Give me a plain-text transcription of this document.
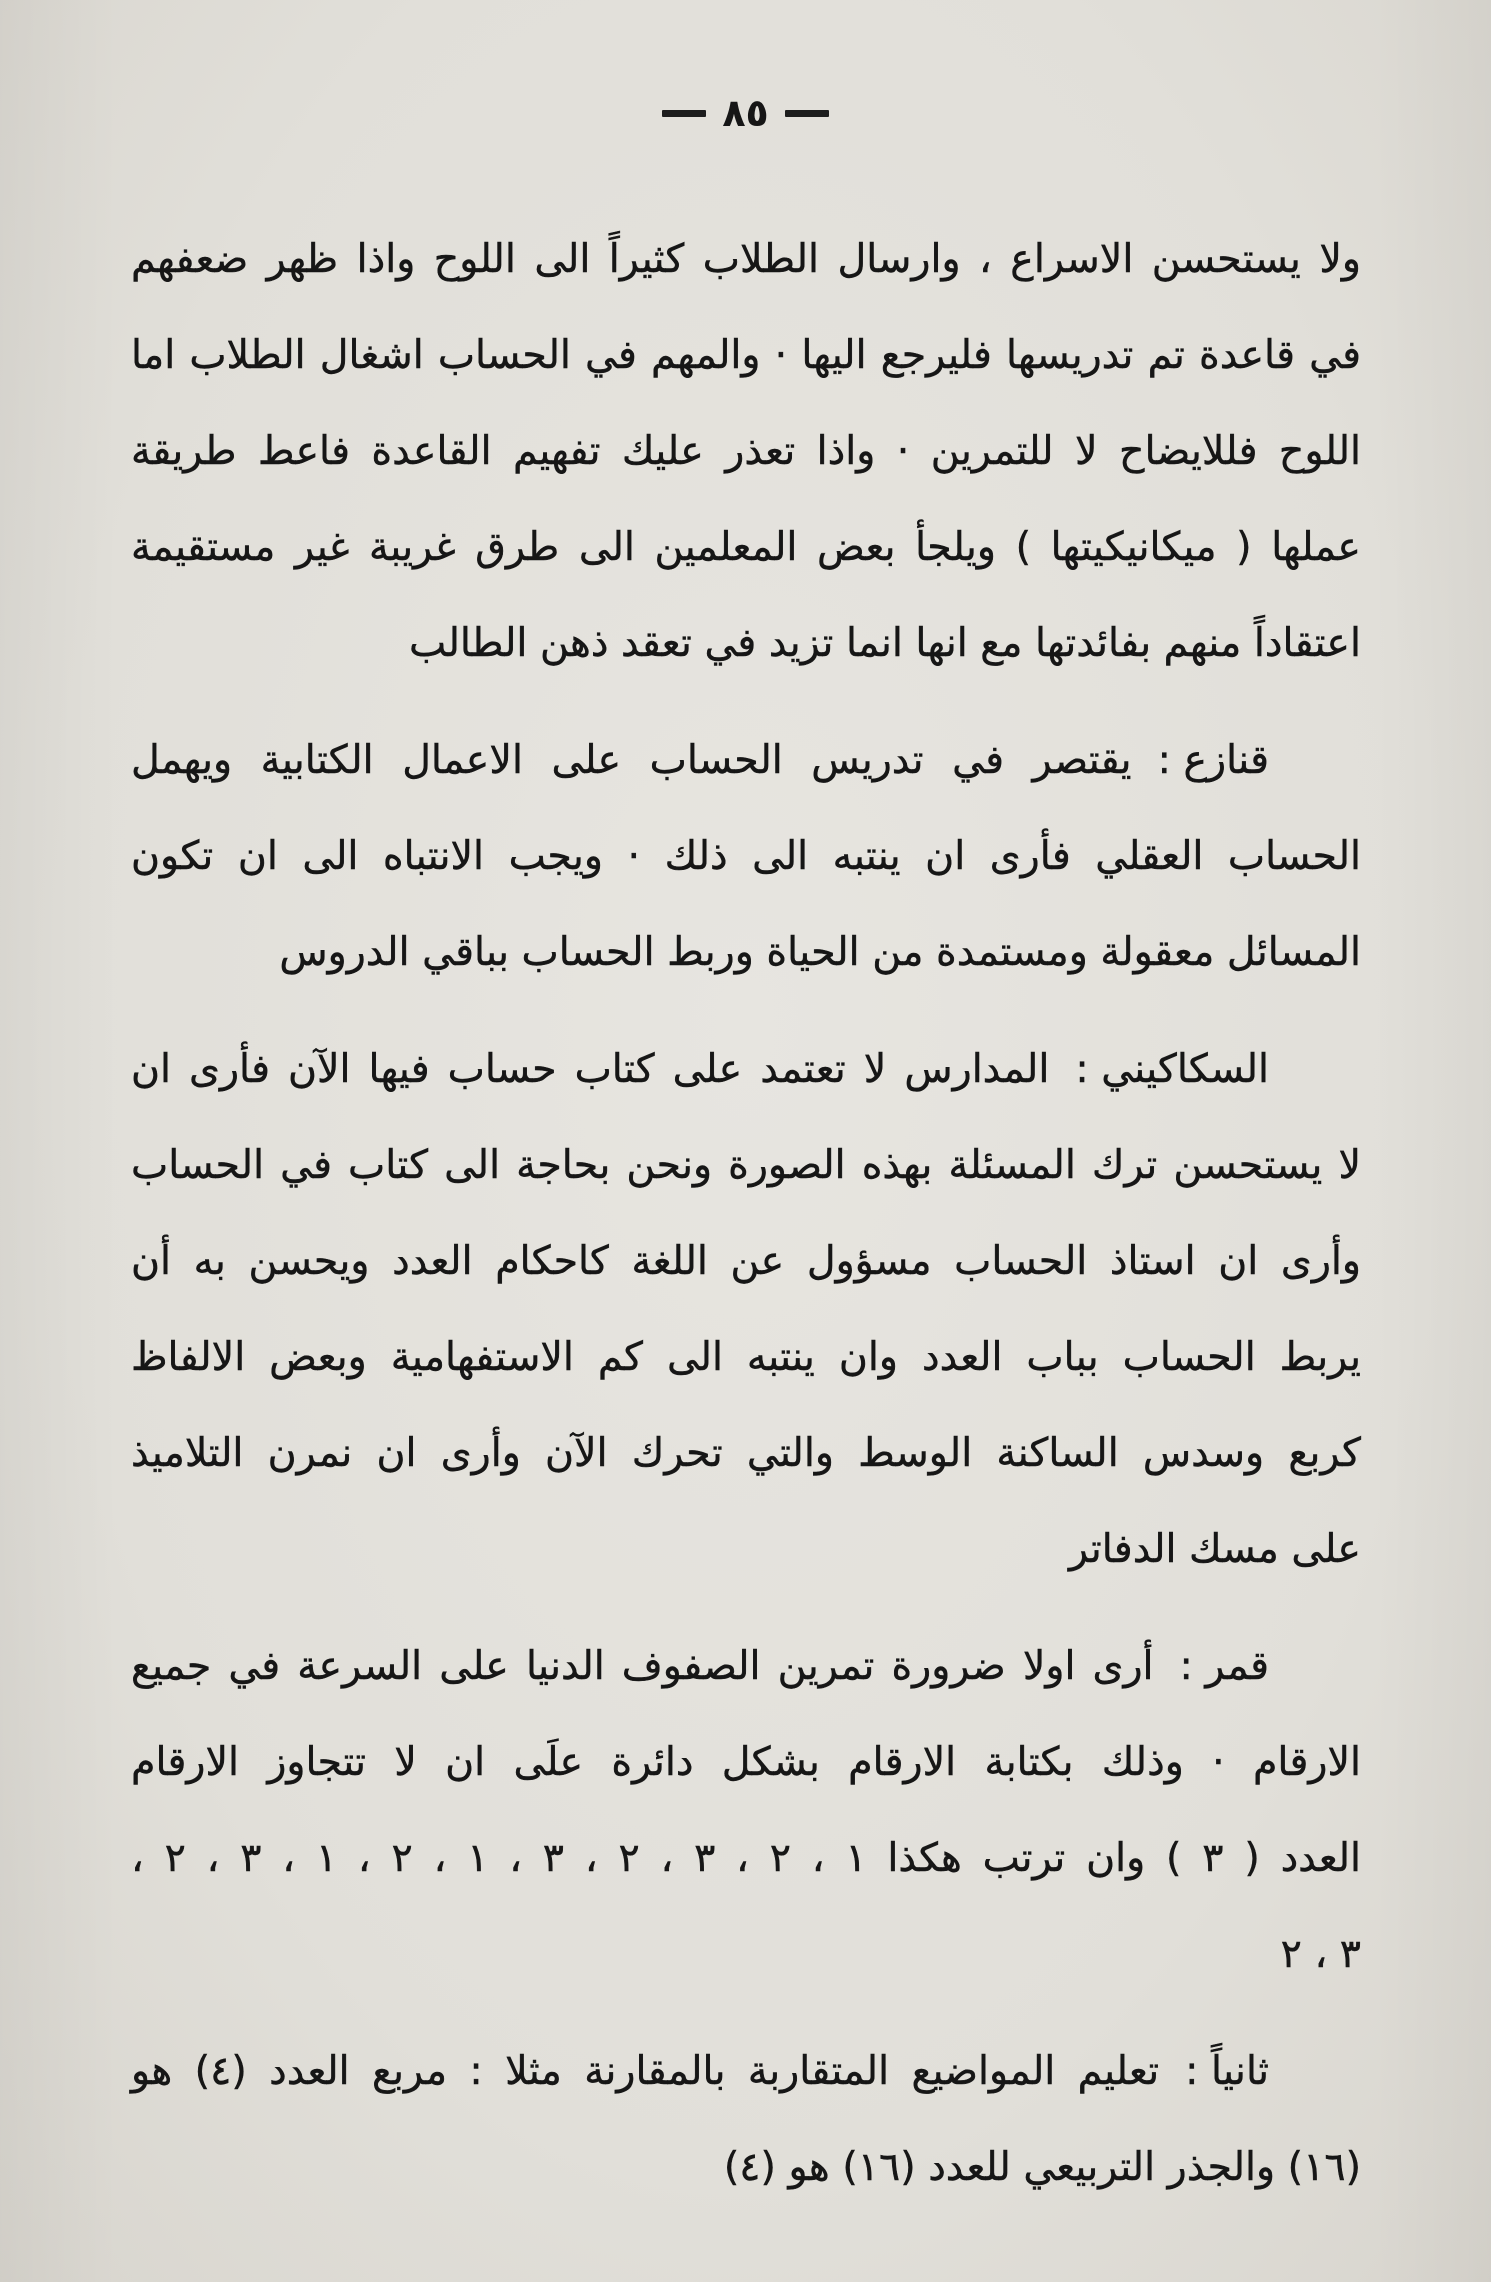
٨٥
ولا يستحسن الاسراع ، وارسال الطلاب كثيراً الى اللوح واذا ظهر ضعفهم
في قاعدة تم تدريسها فليرجع اليها · والمهم في الحساب اشغال الطلاب اما
اللوح فللايضاح لا للتمرين · واذا تعذر عليك تفهيم القاعدة فاعط طريقة
عملها ( ميكانيكيتها ) ويلجأ بعض المعلمين الى طرق غريبة غير مستقيمة
اعتقاداً منهم بفائدتها مع انها انما تزيد في تعقد ذهن الطالب
قنازع :يقتصر في تدريس الحساب على الاعمال الكتابية ويهمل
الحساب العقلي فأرى ان ينتبه الى ذلك · ويجب الانتباه الى ان تكون
المسائل معقولة ومستمدة من الحياة وربط الحساب بباقي الدروس
السكاكيني :المدارس لا تعتمد على كتاب حساب فيها الآن فأرى ان
لا يستحسن ترك المسئلة بهذه الصورة ونحن بحاجة الى كتاب في الحساب
وأرى ان استاذ الحساب مسؤول عن اللغة كاحكام العدد ويحسن به أن
يربط الحساب بباب العدد وان ينتبه الى كم الاستفهامية وبعض الالفاظ
كربع وسدس الساكنة الوسط والتي تحرك الآن وأرى ان نمرن التلاميذ
على مسك الدفاتر
قمر :أرى اولا ضرورة تمرين الصفوف الدنيا على السرعة في جميع
الارقام · وذلك بكتابة الارقام بشكل دائرة علَى ان لا تتجاوز الارقام
العدد ( ٣ ) وان ترتب هكذا ١ ، ٢ ، ٣ ، ٢ ، ٣ ، ١ ، ٢ ، ١ ، ٣ ، ٢ ،
٣ ، ٢
ثانياً :تعليم المواضيع المتقاربة بالمقارنة مثلا : مربع العدد (٤) هو
(١٦) والجذر التربيعي للعدد (١٦) هو (٤)
